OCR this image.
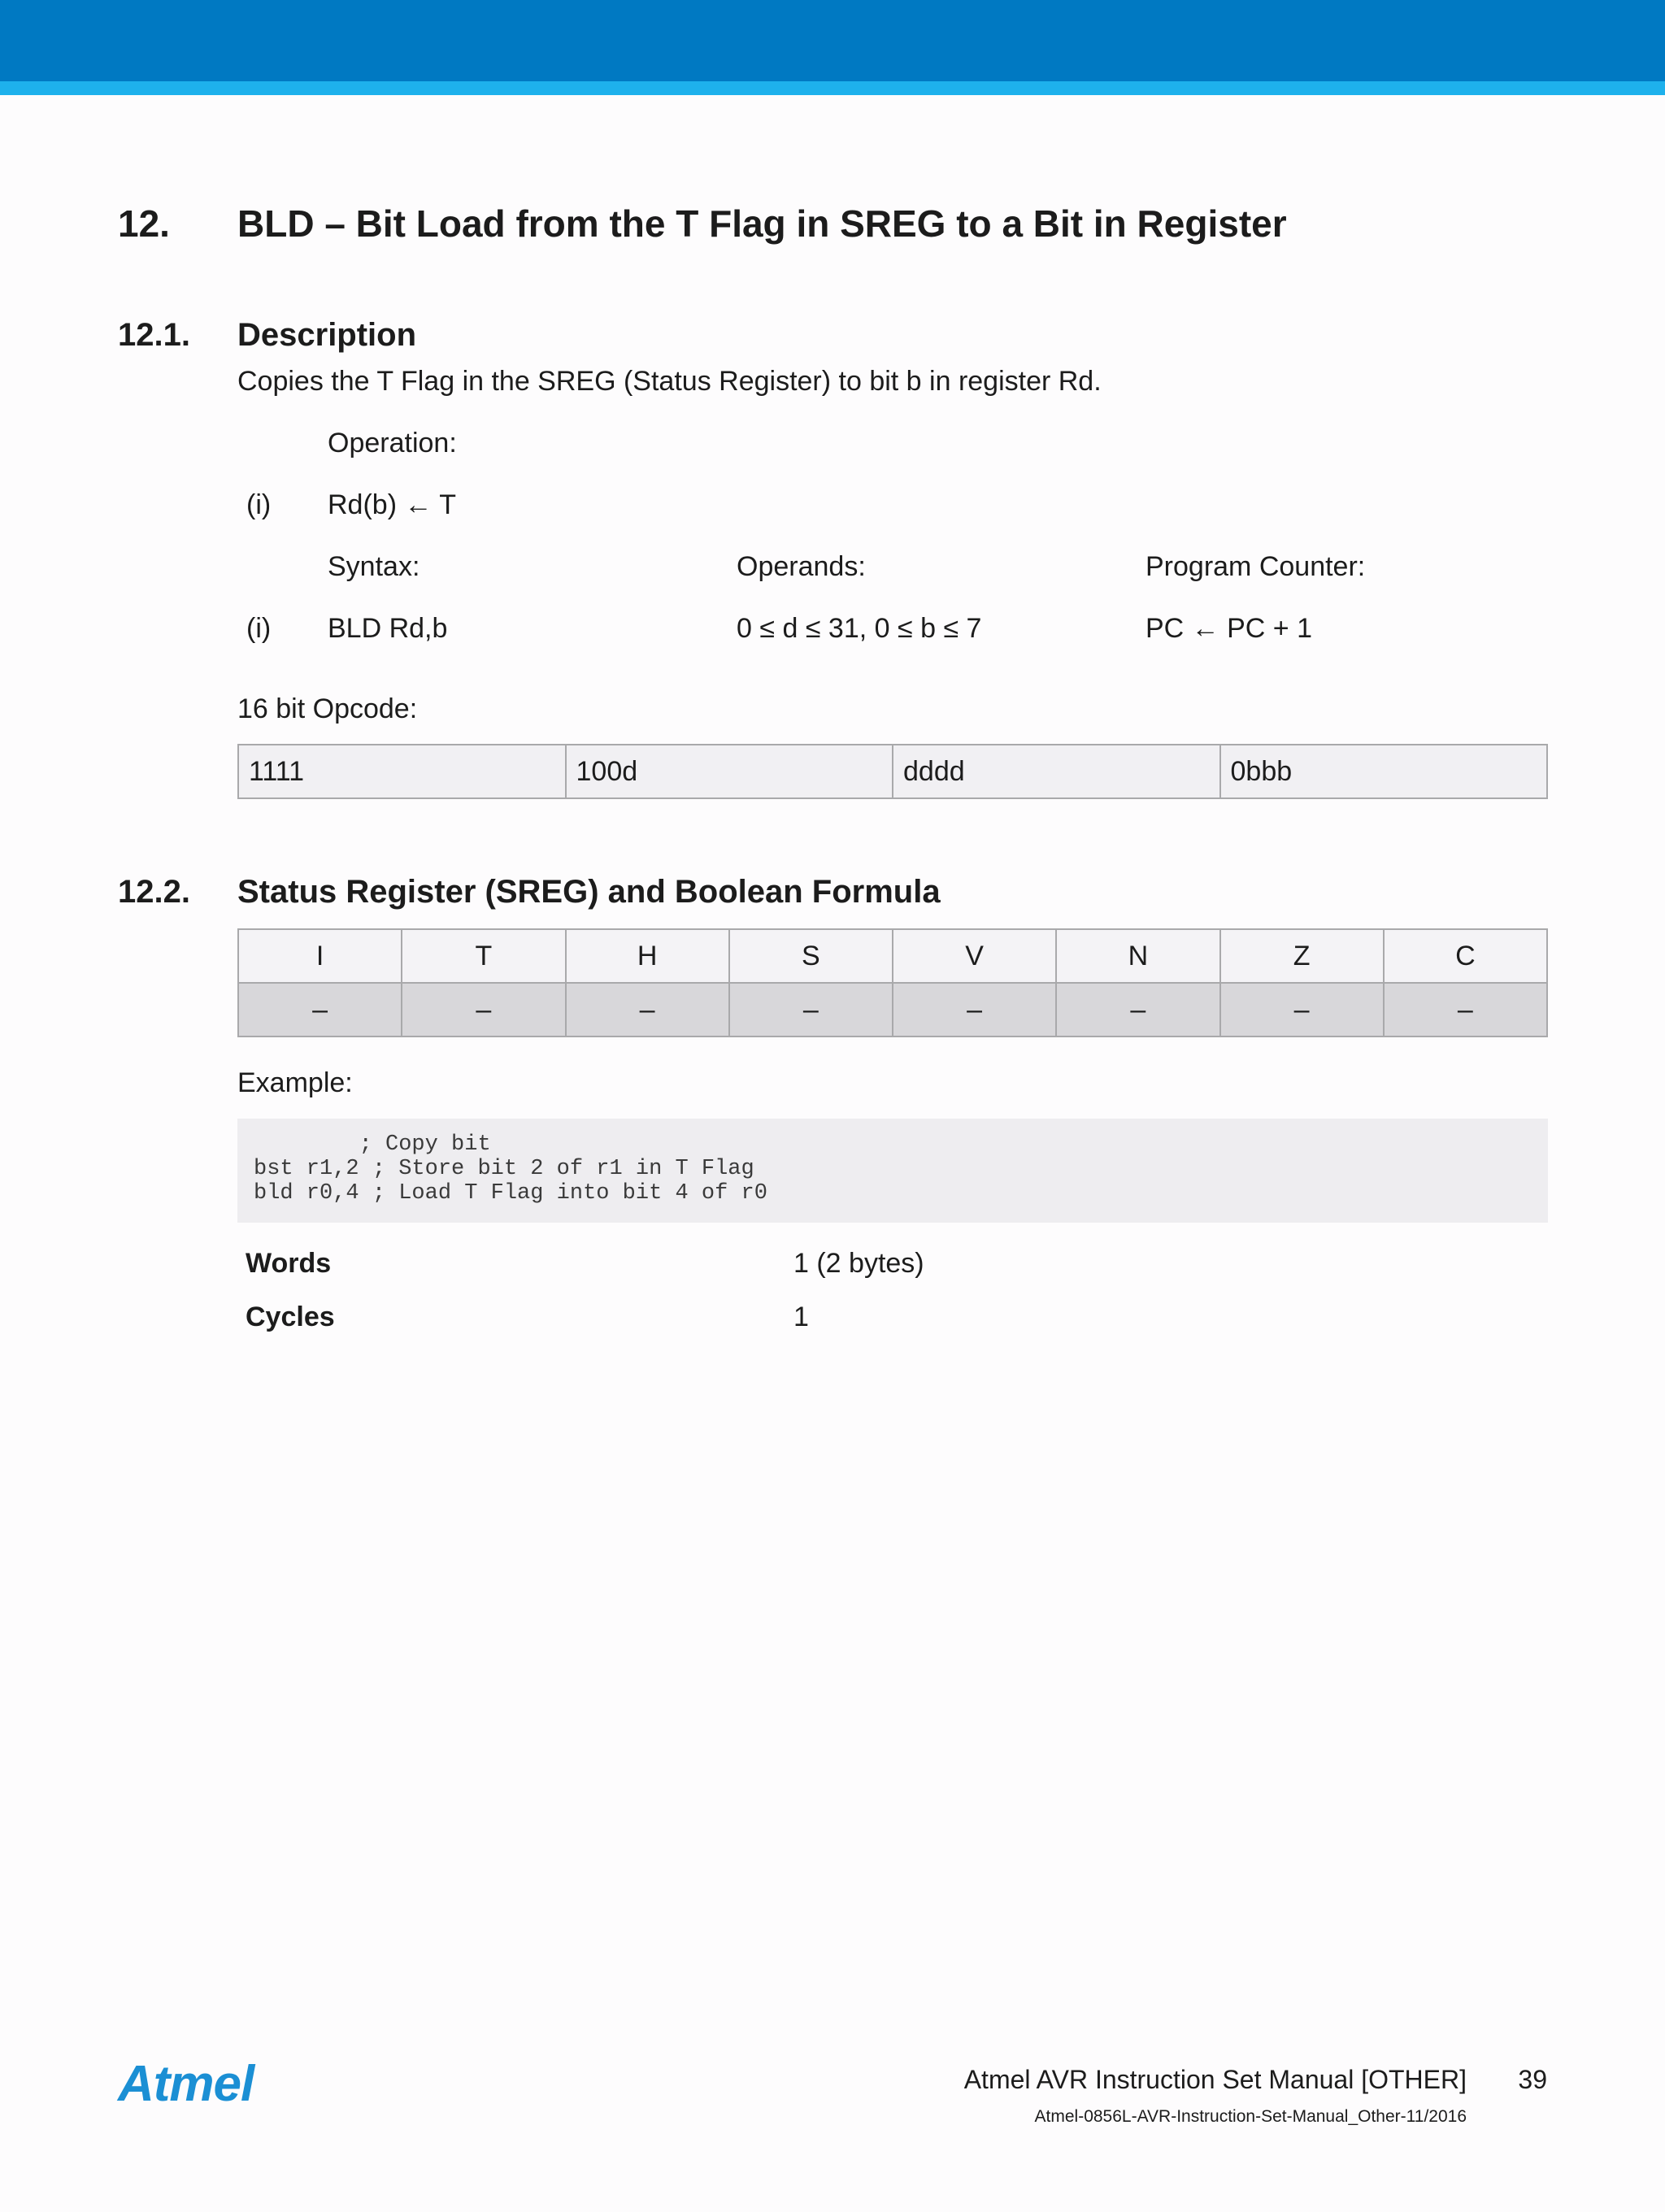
12. BLD – Bit Load from the T Flag in SREG to a Bit in Register
12.1. Description
Copies the T Flag in the SREG (Status Register) to bit b in register Rd.
Operation:
(i) Rd(b) ← T
Syntax:	Operands:	Program Counter:
(i) BLD Rd,b	0 ≤ d ≤ 31, 0 ≤ b ≤ 7	PC ← PC + 1
16 bit Opcode:
1111	100d	dddd	0bbb
12.2. Status Register (SREG) and Boolean Formula
I	T	H	S	V	N	Z	C
–	–	–	–	–	–	–	–
Example:
; Copy bit
bst r1,2 ; Store bit 2 of r1 in T Flag
bld r0,4 ; Load T Flag into bit 4 of r0
Words	1 (2 bytes)
Cycles	1
Atmel	Atmel AVR Instruction Set Manual [OTHER] 39
Atmel-0856L-AVR-Instruction-Set-Manual_Other-11/2016
